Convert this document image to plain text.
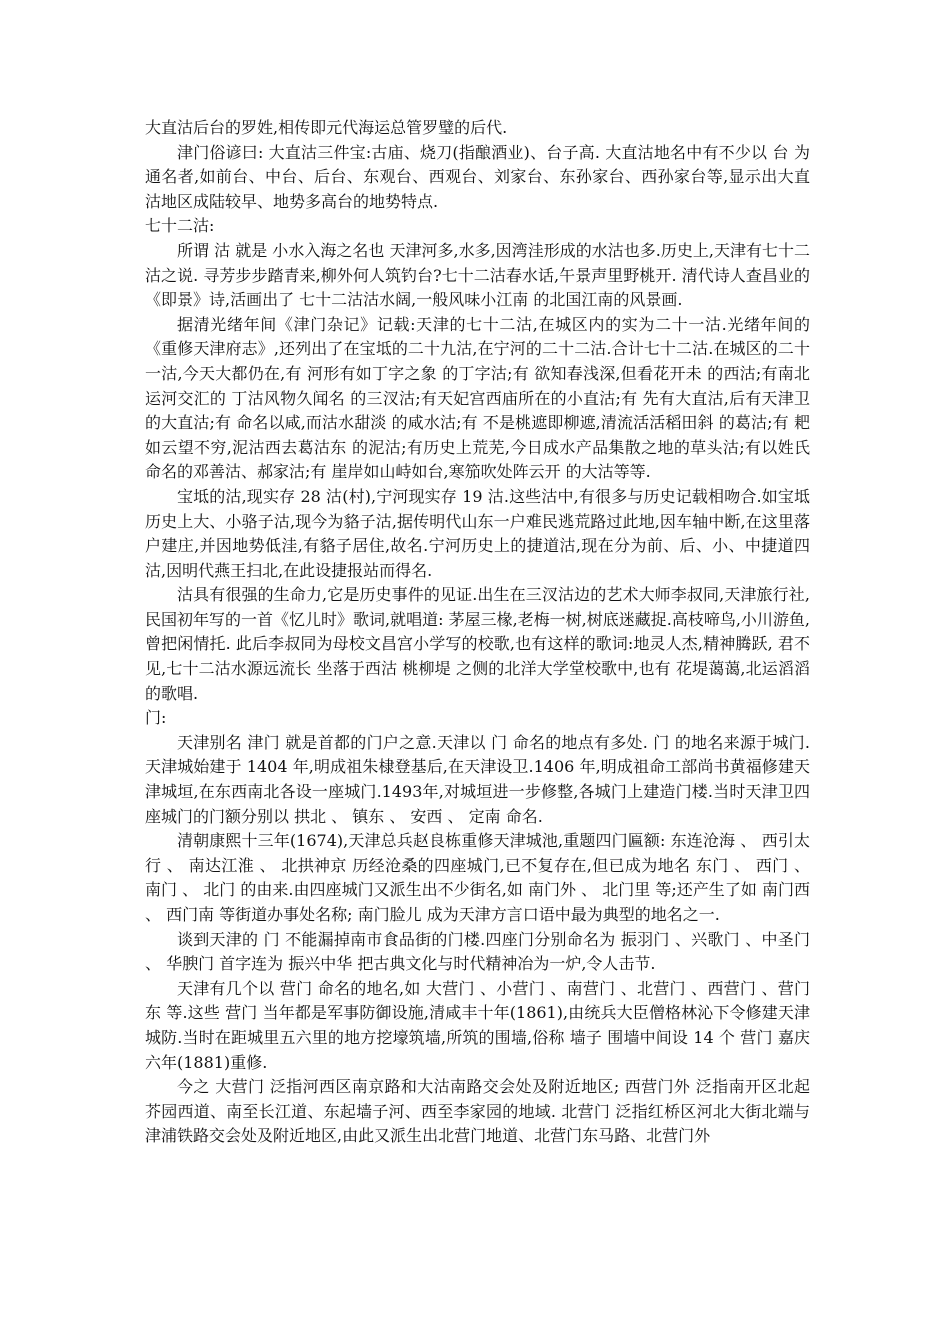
大直沽后台的罗姓,相传即元代海运总管罗璧的后代.

津门俗谚曰: 大直沽三件宝:古庙、烧刀(指酿酒业)、台子高. 大直沽地名中有不少以 台 为通名者,如前台、中台、后台、东观台、西观台、刘家台、东孙家台、西孙家台等,显示出大直沽地区成陆较早、地势多高台的地势特点.

七十二沽:

所谓 沽 就是 小水入海之名也 天津河多,水多,因湾洼形成的水沽也多.历史上,天津有七十二沽之说. 寻芳步步踏青来,柳外何人筑钓台?七十二沽春水话,午景声里野桃开. 清代诗人查昌业的《即景》诗,活画出了 七十二沽沽水阔,一般风味小江南 的北国江南的风景画.

据清光绪年间《津门杂记》记载:天津的七十二沽,在城区内的实为二十一沽.光绪年间的《重修天津府志》,还列出了在宝坻的二十九沽,在宁河的二十二沽.合计七十二沽.在城区的二十一沽,今天大都仍在,有 河形有如丁字之象 的丁字沽;有 欲知春浅深,但看花开未 的西沽;有南北运河交汇的 丁沽风物久闻名 的三汊沽;有天妃宫西庙所在的小直沽;有 先有大直沽,后有天津卫 的大直沽;有 命名以咸,而沽水甜淡 的咸水沽;有 不是桃遮即柳遮,清流活活稻田斜 的葛沽;有 耙如云望不穷,泥沽西去葛沽东 的泥沽;有历史上荒芜,今日成水产品集散之地的草头沽;有以姓氏命名的邓善沽、郝家沽;有 崖岸如山峙如台,寒笳吹处阵云开 的大沽等等.

宝坻的沽,现实存 28 沽(村),宁河现实存 19 沽.这些沽中,有很多与历史记载相吻合.如宝坻历史上大、小骆子沽,现今为貉子沽,据传明代山东一户难民逃荒路过此地,因车轴中断,在这里落户建庄,并因地势低洼,有貉子居住,故名.宁河历史上的捷道沽,现在分为前、后、小、中捷道四沽,因明代燕王扫北,在此设捷报站而得名.

沽具有很强的生命力,它是历史事件的见证.出生在三汊沽边的艺术大师李叔同,天津旅行社,民国初年写的一首《忆儿时》歌词,就唱道: 茅屋三椽,老梅一树,树底迷藏捉.高枝啼鸟,小川游鱼,曾把闲情托. 此后李叔同为母校文昌宫小学写的校歌,也有这样的歌词:地灵人杰,精神腾跃, 君不见,七十二沽水源远流长 坐落于西沽 桃柳堤 之侧的北洋大学堂校歌中,也有 花堤蔼蔼,北运滔滔 的歌唱.

门:

天津别名 津门 就是首都的门户之意.天津以 门 命名的地点有多处. 门 的地名来源于城门. 天津城始建于 1404 年,明成祖朱棣登基后,在天津设卫.1406 年,明成祖命工部尚书黄福修建天津城垣,在东西南北各设一座城门.1493年,对城垣进一步修整,各城门上建造门楼.当时天津卫四座城门的门额分别以 拱北 、 镇东 、 安西 、 定南 命名.

清朝康熙十三年(1674),天津总兵赵良栋重修天津城池,重题四门匾额: 东连沧海 、 西引太行 、 南达江淮 、 北拱神京 历经沧桑的四座城门,已不复存在,但已成为地名 东门 、 西门 、 南门 、 北门 的由来.由四座城门又派生出不少街名,如 南门外 、 北门里 等;还产生了如 南门西 、 西门南 等街道办事处名称; 南门脸儿 成为天津方言口语中最为典型的地名之一.

谈到天津的 门 不能漏掉南市食品街的门楼.四座门分别命名为 振羽门 、兴歌门 、中圣门 、 华腴门 首字连为 振兴中华 把古典文化与时代精神冶为一炉,令人击节.

天津有几个以 营门 命名的地名,如 大营门 、小营门 、南营门 、北营门 、西营门 、营门东 等.这些 营门 当年都是军事防御设施,清咸丰十年(1861),由统兵大臣僧格林沁下令修建天津城防.当时在距城里五六里的地方挖壕筑墙,所筑的围墙,俗称 墙子 围墙中间设 14 个 营门 嘉庆六年(1881)重修.

今之 大营门 泛指河西区南京路和大沽南路交会处及附近地区; 西营门外 泛指南开区北起芥园西道、南至长江道、东起墙子河、西至李家园的地域. 北营门 泛指红桥区河北大街北端与津浦铁路交会处及附近地区,由此又派生出北营门地道、北营门东马路、北营门外
